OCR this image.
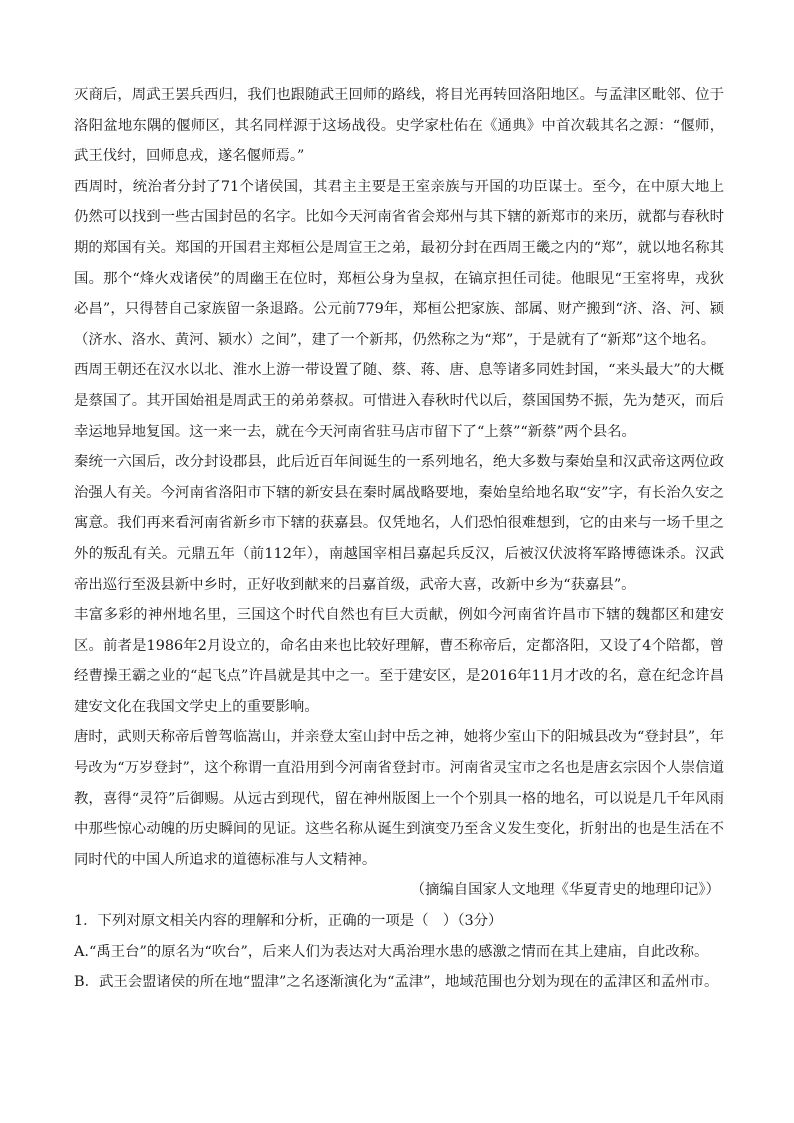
灭商后，周武王罢兵西归，我们也跟随武王回师的路线，将目光再转回洛阳地区。与孟津区毗邻、位于洛阳盆地东隅的偃师区，其名同样源于这场战役。史学家杜佑在《通典》中首次载其名之源：“偃师，武王伐纣，回师息戎，遂名偃师焉。”

西周时，统治者分封了71个诸侯国，其君主主要是王室亲族与开国的功臣谋士。至今，在中原大地上仍然可以找到一些古国封邑的名字。比如今天河南省省会郑州与其下辖的新郑市的来历，就都与春秋时期的郑国有关。郑国的开国君主郑桓公是周宣王之弟，最初分封在西周王畿之内的“郑”，就以地名称其国。那个“烽火戏诸侯”的周幽王在位时，郑桓公身为皇叔，在镐京担任司徒。他眼见“王室将卑，戎狄必昌”，只得替自己家族留一条退路。公元前779年，郑桓公把家族、部属、财产搬到“济、洛、河、颍（济水、洛水、黄河、颍水）之间”，建了一个新邦，仍然称之为“郑”，于是就有了“新郑”这个地名。

西周王朝还在汉水以北、淮水上游一带设置了随、蔡、蒋、唐、息等诸多同姓封国，“来头最大”的大概是蔡国了。其开国始祖是周武王的弟弟蔡叔。可惜进入春秋时代以后，蔡国国势不振，先为楚灭，而后幸运地异地复国。这一来一去，就在今天河南省驻马店市留下了“上蔡”“新蔡”两个县名。

秦统一六国后，改分封设郡县，此后近百年间诞生的一系列地名，绝大多数与秦始皇和汉武帝这两位政治强人有关。今河南省洛阳市下辖的新安县在秦时属战略要地，秦始皇给地名取“安”字，有长治久安之寓意。我们再来看河南省新乡市下辖的获嘉县。仅凭地名，人们恐怕很难想到，它的由来与一场千里之外的叛乱有关。元鼎五年（前112年），南越国宰相吕嘉起兵反汉，后被汉伏波将军路博德诛杀。汉武帝出巡行至汲县新中乡时，正好收到献来的吕嘉首级，武帝大喜，改新中乡为“获嘉县”。

丰富多彩的神州地名里，三国这个时代自然也有巨大贡献，例如今河南省许昌市下辖的魏都区和建安区。前者是1986年2月设立的，命名由来也比较好理解，曹丕称帝后，定都洛阳，又设了4个陪都，曾经曹操王霸之业的“起飞点”许昌就是其中之一。至于建安区，是2016年11月才改的名，意在纪念许昌建安文化在我国文学史上的重要影响。

唐时，武则天称帝后曾驾临嵩山，并亲登太室山封中岳之神，她将少室山下的阳城县改为“登封县”，年号改为“万岁登封”，这个称谓一直沿用到今河南省登封市。河南省灵宝市之名也是唐玄宗因个人崇信道教，喜得“灵符”后御赐。从远古到现代，留在神州版图上一个个别具一格的地名，可以说是几千年风雨中那些惊心动魄的历史瞬间的见证。这些名称从诞生到演变乃至含义发生变化，折射出的也是生活在不同时代的中国人所追求的道德标准与人文精神。

（摘编自国家人文地理《华夏青史的地理印记》）

1．下列对原文相关内容的理解和分析，正确的一项是（　）（3分）

A.“禹王台”的原名为“吹台”，后来人们为表达对大禹治理水患的感激之情而在其上建庙，自此改称。

B．武王会盟诸侯的所在地“盟津”之名逐渐演化为“孟津”，地域范围也分划为现在的孟津区和孟州市。
